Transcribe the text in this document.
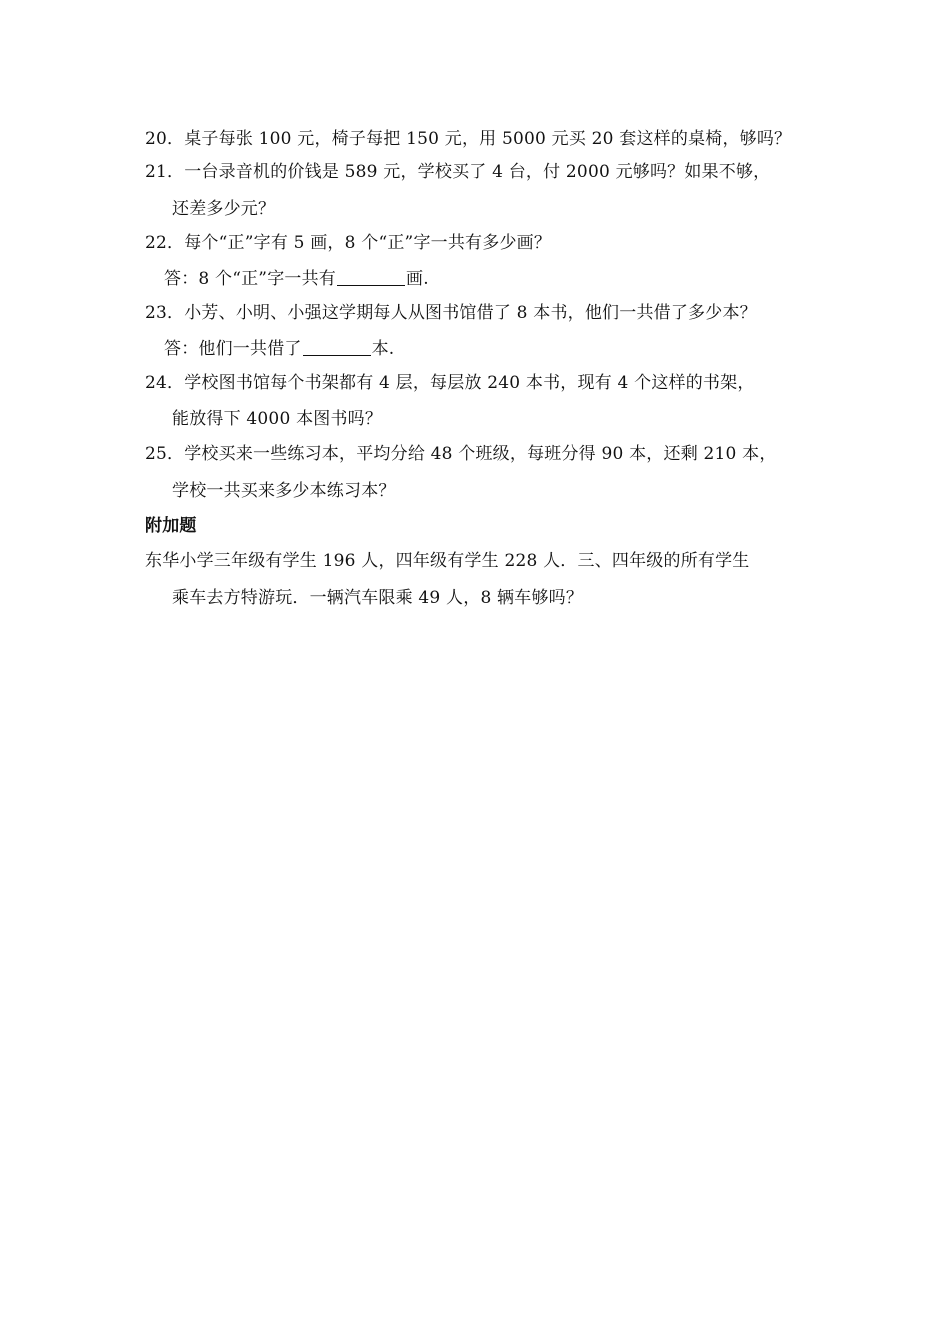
20．桌子每张 100 元，椅子每把 150 元，用 5000 元买 20 套这样的桌椅，够吗？
21．一台录音机的价钱是 589 元，学校买了 4 台，付 2000 元够吗？如果不够，
还差多少元？
22．每个“正”字有 5 画，8 个“正”字一共有多少画？
答：8 个“正”字一共有	画.
23．小芳、小明、小强这学期每人从图书馆借了 8 本书，他们一共借了多少本？
答：他们一共借了	本.
24．学校图书馆每个书架都有 4 层，每层放 240 本书，现有 4 个这样的书架，
能放得下 4000 本图书吗？
25．学校买来一些练习本，平均分给 48 个班级，每班分得 90 本，还剩 210 本，
学校一共买来多少本练习本？
附加题
东华小学三年级有学生 196 人，四年级有学生 228 人．三、四年级的所有学生
乘车去方特游玩．一辆汽车限乘 49 人，8 辆车够吗？
